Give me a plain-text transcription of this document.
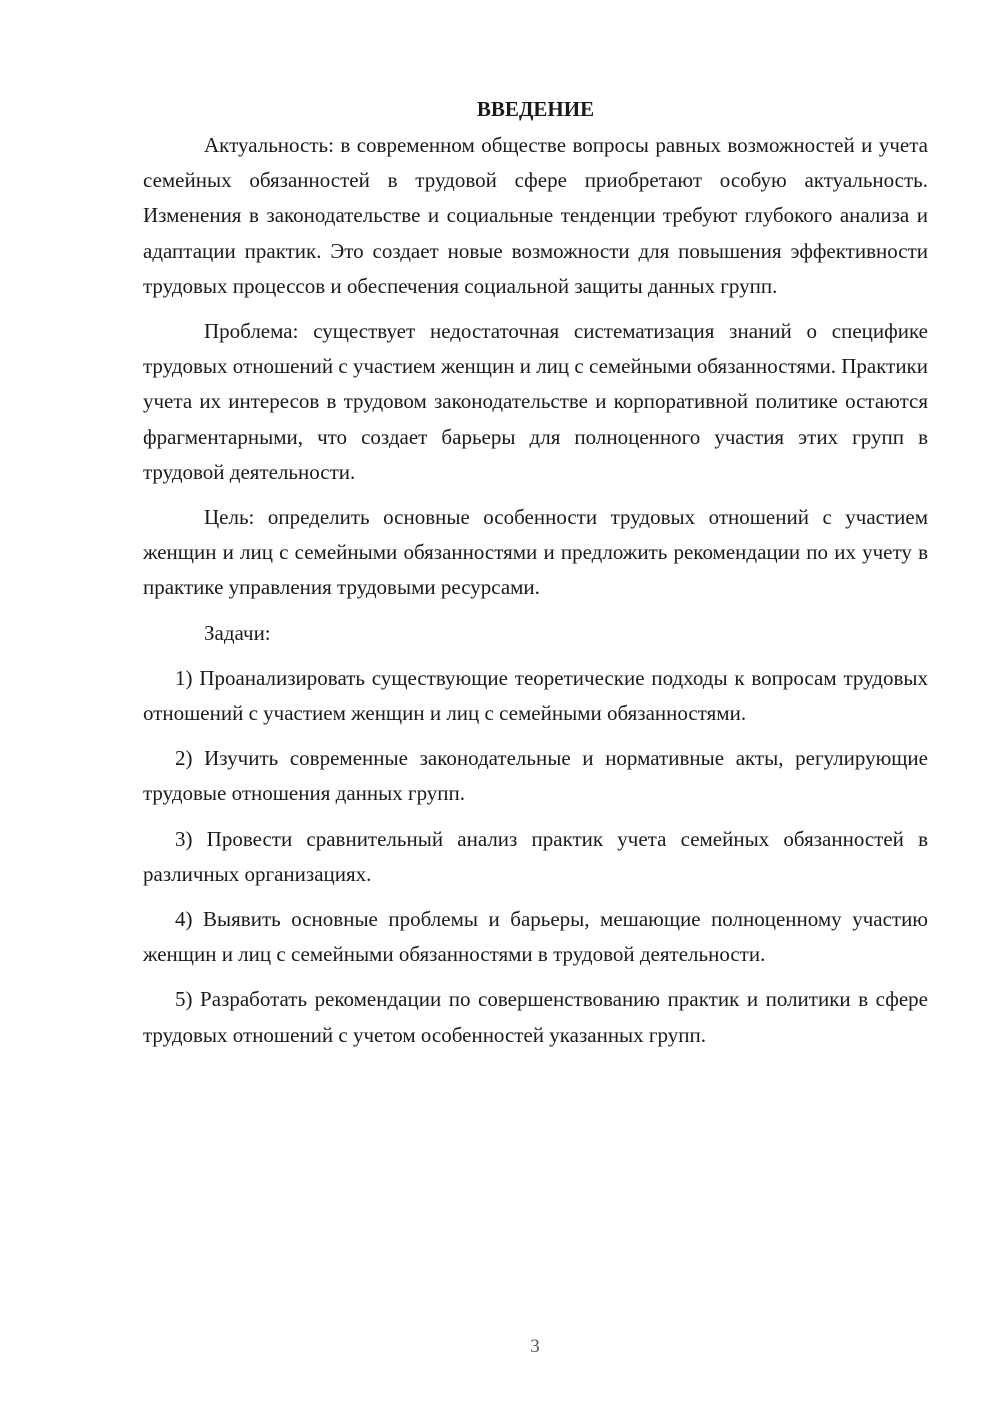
ВВЕДЕНИЕ

Актуальность: в современном обществе вопросы равных возможностей и учета семейных обязанностей в трудовой сфере приобретают особую актуальность. Изменения в законодательстве и социальные тенденции требуют глубокого анализа и адаптации практик. Это создает новые возможности для повышения эффективности трудовых процессов и обеспечения социальной защиты данных групп.

Проблема: существует недостаточная систематизация знаний о специфике трудовых отношений с участием женщин и лиц с семейными обязанностями. Практики учета их интересов в трудовом законодательстве и корпоративной политике остаются фрагментарными, что создает барьеры для полноценного участия этих групп в трудовой деятельности.

Цель: определить основные особенности трудовых отношений с участием женщин и лиц с семейными обязанностями и предложить рекомендации по их учету в практике управления трудовыми ресурсами.

Задачи:

1) Проанализировать существующие теоретические подходы к вопросам трудовых отношений с участием женщин и лиц с семейными обязанностями.

2) Изучить современные законодательные и нормативные акты, регулирующие трудовые отношения данных групп.

3) Провести сравнительный анализ практик учета семейных обязанностей в различных организациях.

4) Выявить основные проблемы и барьеры, мешающие полноценному участию женщин и лиц с семейными обязанностями в трудовой деятельности.

5) Разработать рекомендации по совершенствованию практик и политики в сфере трудовых отношений с учетом особенностей указанных групп.

3
